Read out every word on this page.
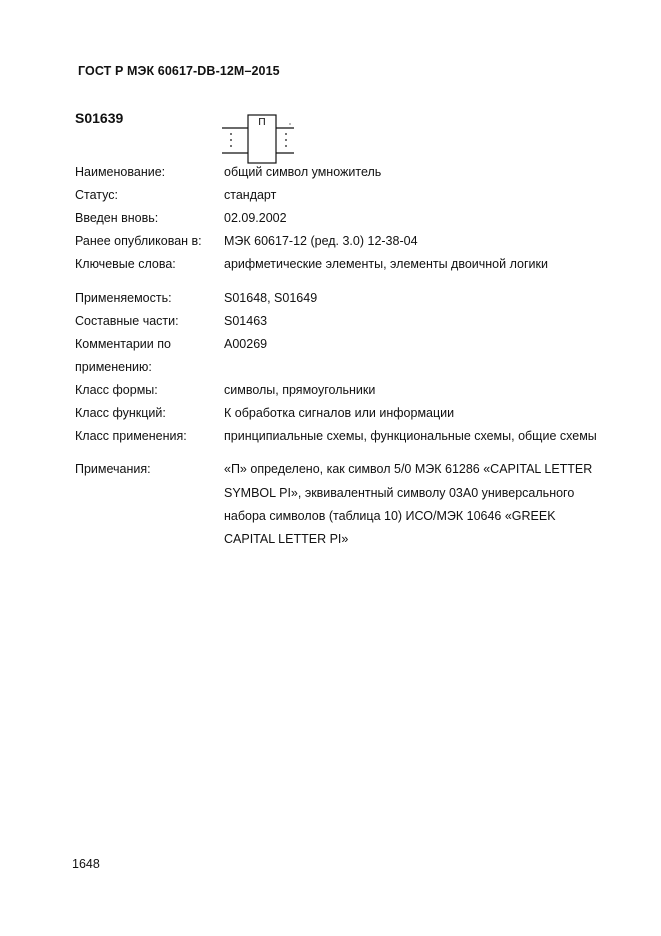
ГОСТ Р МЭК 60617-DB-12M–2015
S01639	П
Наименование:	общий символ умножитель
Статус:	стандарт
Введен вновь:	02.09.2002
Ранее опубликован в:	МЭК 60617-12 (ред. 3.0) 12-38-04
Ключевые слова:	арифметические элементы, элементы двоичной логики
Применяемость:	S01648, S01649
Составные части:	S01463
Комментарии по	A00269
применению:
Класс формы:	символы, прямоугольники
Класс функций:	К обработка сигналов или информации
Класс применения:	принципиальные схемы, функциональные схемы, общие схемы
Примечания:	«П» определено, как символ 5/0 МЭК 61286 «CAPITAL LETTER
SYMBOL PI», эквивалентный символу 03A0 универсального
набора символов (таблица 10) ИСО/МЭК 10646 «GREEK
CAPITAL LETTER PI»
1648
